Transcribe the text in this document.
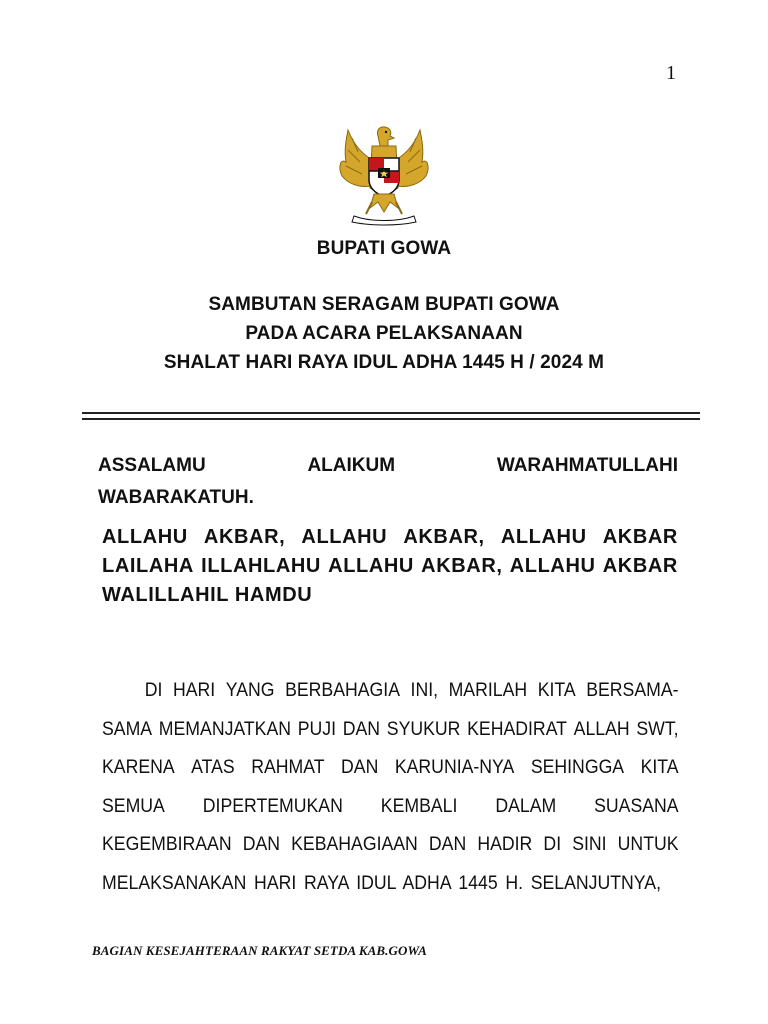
1
BUPATI GOWA
SAMBUTAN SERAGAM BUPATI GOWA
PADA ACARA PELAKSANAAN
SHALAT HARI RAYA IDUL ADHA 1445 H / 2024 M
ASSALAMU	ALAIKUM	WARAHMATULLAHI
WABARAKATUH.
ALLAHU AKBAR, ALLAHU AKBAR, ALLAHU AKBAR
LAILAHA ILLAHLAHU ALLAHU AKBAR, ALLAHU AKBAR
WALILLAHIL HAMDU
DI HARI YANG BERBAHAGIA INI, MARILAH KITA BERSAMA-
SAMA MEMANJATKAN PUJI DAN SYUKUR KEHADIRAT ALLAH SWT,
KARENA ATAS RAHMAT DAN KARUNIA-NYA SEHINGGA KITA
SEMUA DIPERTEMUKAN KEMBALI DALAM SUASANA
KEGEMBIRAAN DAN KEBAHAGIAAN DAN HADIR DI SINI UNTUK
MELAKSANAKAN HARI RAYA IDUL ADHA 1445 H. SELANJUTNYA,
BAGIAN KESEJAHTERAAN RAKYAT SETDA KAB.GOWA
